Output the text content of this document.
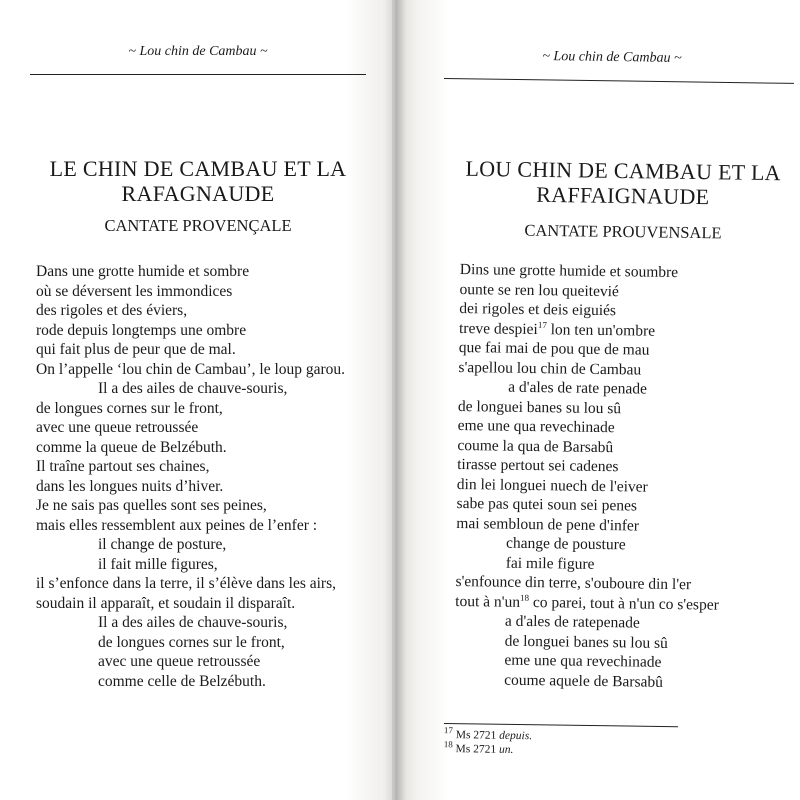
~ Lou chin de Cambau ~
LE CHIN DE CAMBAU ET LA RAFAGNAUDE
CANTATE PROVENÇALE
Dans une grotte humide et sombre
où se déversent les immondices
des rigoles et des éviers,
rode depuis longtemps une ombre
qui fait plus de peur que de mal.
On l’appelle ‘lou chin de Cambau’, le loup garou.
Il a des ailes de chauve-souris,
de longues cornes sur le front,
avec une queue retroussée
comme la queue de Belzébuth.
Il traîne partout ses chaines,
dans les longues nuits d’hiver.
Je ne sais pas quelles sont ses peines,
mais elles ressemblent aux peines de l’enfer :
il change de posture,
il fait mille figures,
il s’enfonce dans la terre, il s’élève dans les airs,
soudain il apparaît, et soudain il disparaît.
Il a des ailes de chauve-souris,
de longues cornes sur le front,
avec une queue retroussée
comme celle de Belzébuth.
~ Lou chin de Cambau ~
LOU CHIN DE CAMBAU ET LA RAFFAIGNAUDE
CANTATE PROUVENSALE
Dins une grotte humide et soumbre
ounte se ren lou queitevié
dei rigoles et deis eiguiés
treve despiei$^{17}$ lon ten un'ombre
que fai mai de pou que de mau
s'apellou lou chin de Cambau
a d'ales de rate penade
de longuei banes su lou sû
eme une qua revechinade
coume la qua de Barsabû
tirasse pertout sei cadenes
din lei longuei nuech de l'eiver
sabe pas qutei soun sei penes
mai sembloun de pene d'infer
change de pousture
fai mile figure
s'enfounce din terre, s'ouboure din l'er
tout à $n'un^{18}$ co parei, tout à n'un co s'esper
a d'ales de ratepenade
de longuei banes su lou sû
eme une qua revechinade
coume aquele de Barsabû
$^{17}$ Ms 2721 depuis.
$^{18}$ Ms 2721 un.
